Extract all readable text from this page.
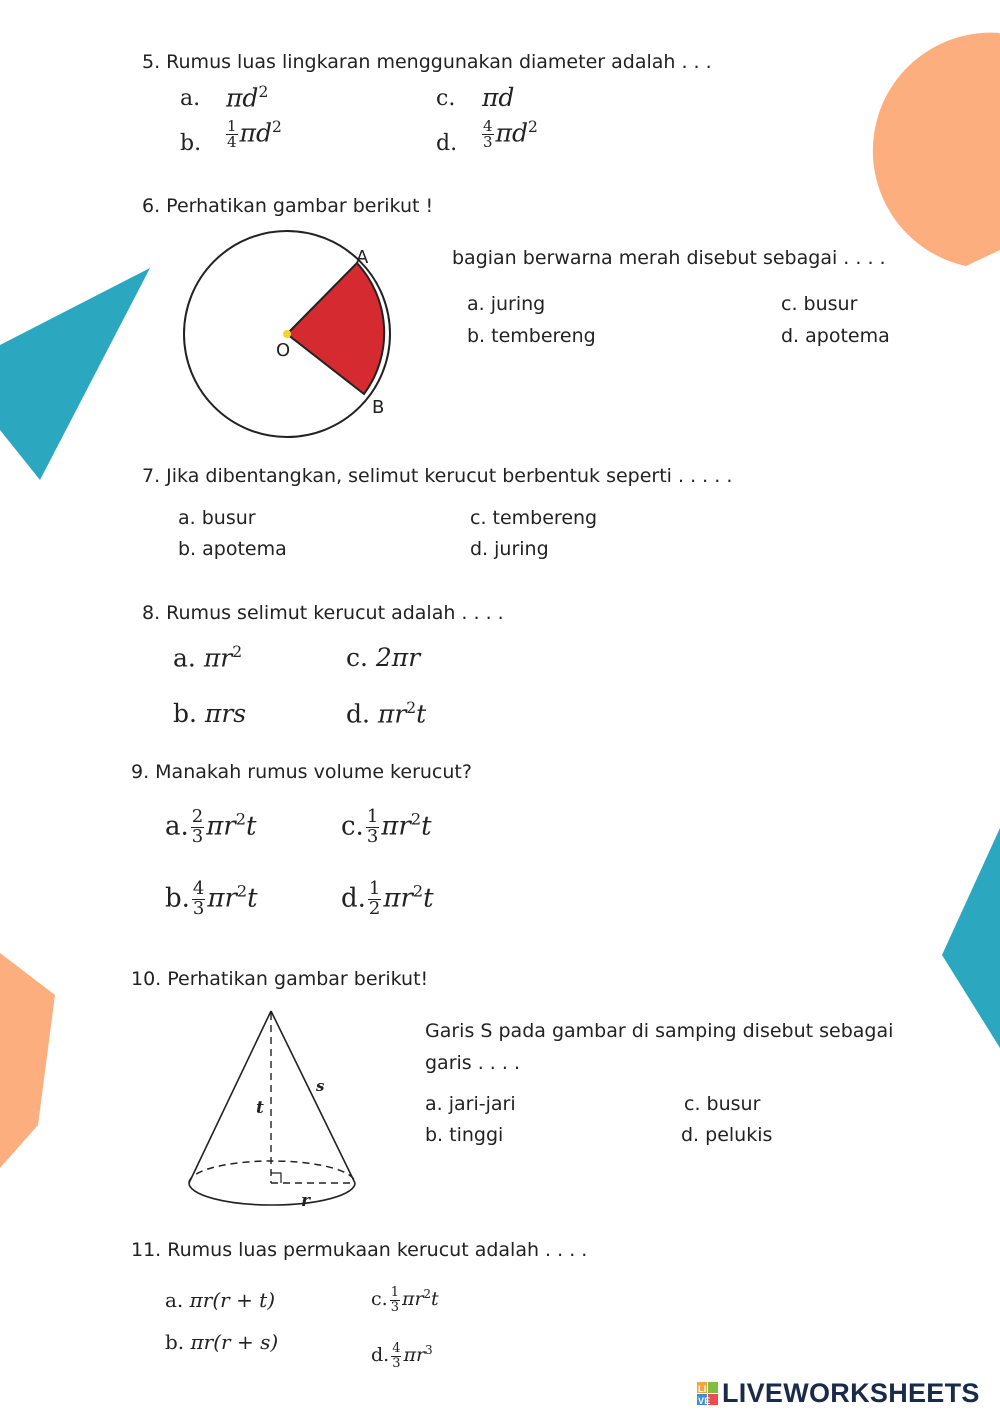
5. Rumus luas lingkaran menggunakan diameter adalah . . .
a. $\pi d^2$	c. πd
b. $\frac{1}{4} \pi d^2$
d. $\frac{4}{3} \pi d^2$
6. Perhatikan gambar berikut !
A
B
O
bagian berwarna merah disebut sebagai . . . .
a. juring
b. tembereng
c. busur
d. apotema
7. Jika dibentangkan, selimut kerucut berbentuk seperti . . . . .
a. busur
b. apotema
c. tembereng
d. juring
8. Rumus selimut kerucut adalah . . . .
a. $\pi r^2$	c. 2πr
b. πrs	d. $\pi r^2t$
9. Manakah rumus volume kerucut?
a. $\frac{2}{3} \pi r^2t$	c. $\frac{1}{3} \pi r^2t$
b. $\frac{4}{3} \pi r^2t$	d. $\frac{1}{2} \pi r^2t$
10. Perhatikan gambar berikut!
t
s
r
Garis S pada gambar di samping disebut sebagai
garis . . . .
a. jari-jari
b. tinggi
c. busur
d. pelukis
11. Rumus luas permukaan kerucut adalah . . . .
a. πr(r + t)
b. πr(r + s)
c. $\frac{1}{3} \pi r^2t$
d. $\frac{4}{3} \pi r^3$
LI
VE LIVEWORKSHEETS
